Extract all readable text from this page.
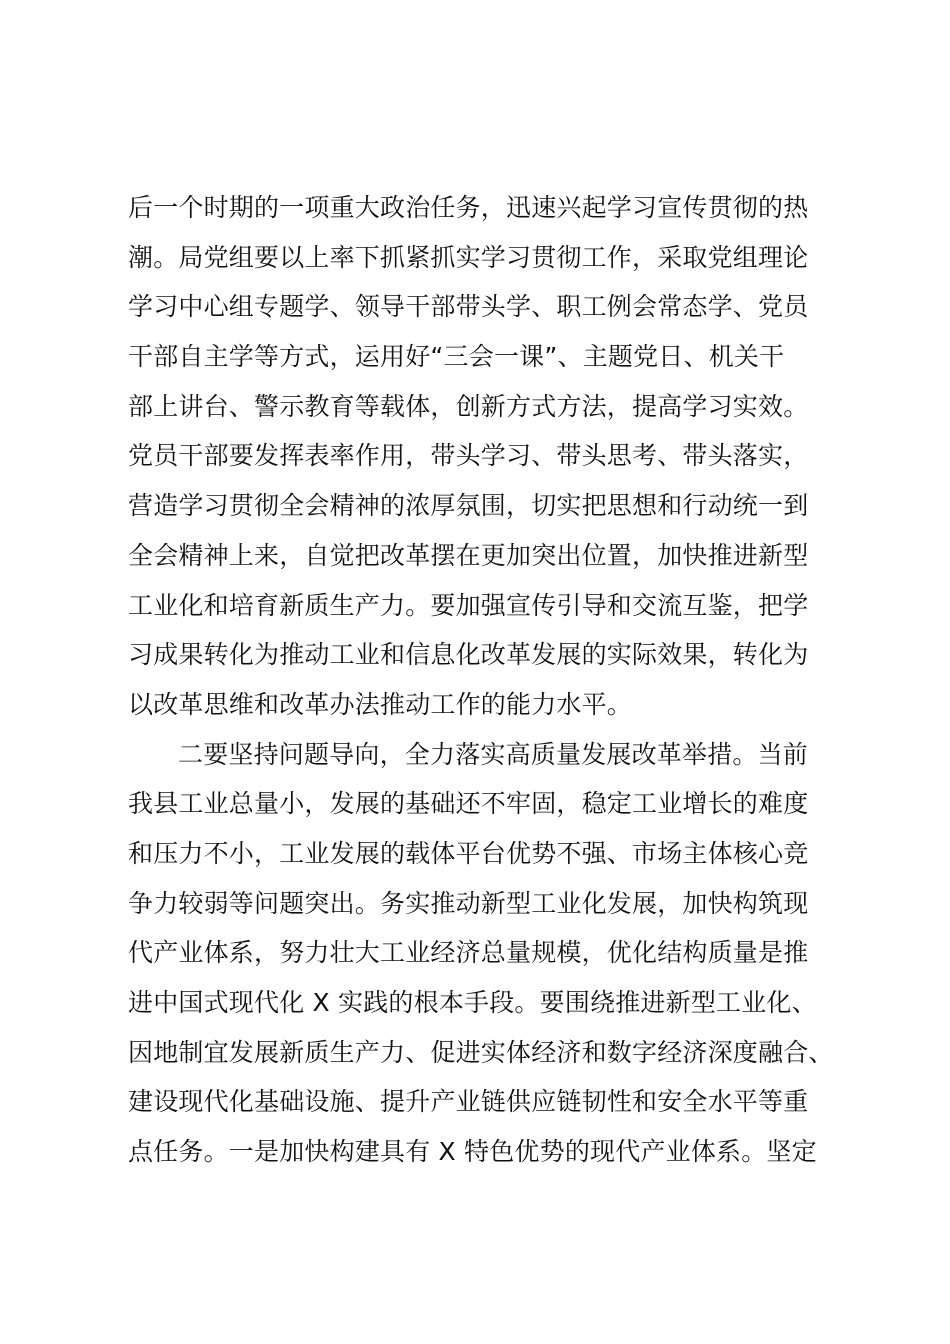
后一个时期的一项重大政治任务，迅速兴起学习宣传贯彻的热
潮。局党组要以上率下抓紧抓实学习贯彻工作，采取党组理论
学习中心组专题学、领导干部带头学、职工例会常态学、党员
干部自主学等方式，运用好“三会一课”、主题党日、机关干
部上讲台、警示教育等载体，创新方式方法，提高学习实效。
党员干部要发挥表率作用，带头学习、带头思考、带头落实，
营造学习贯彻全会精神的浓厚氛围，切实把思想和行动统一到
全会精神上来，自觉把改革摆在更加突出位置，加快推进新型
工业化和培育新质生产力。要加强宣传引导和交流互鉴，把学
习成果转化为推动工业和信息化改革发展的实际效果，转化为
以改革思维和改革办法推动工作的能力水平。
二要坚持问题导向，全力落实高质量发展改革举措。当前
我县工业总量小，发展的基础还不牢固，稳定工业增长的难度
和压力不小，工业发展的载体平台优势不强、市场主体核心竞
争力较弱等问题突出。务实推动新型工业化发展，加快构筑现
代产业体系，努力壮大工业经济总量规模，优化结构质量是推
进中国式现代化 X 实践的根本手段。要围绕推进新型工业化、
因地制宜发展新质生产力、促进实体经济和数字经济深度融合、
建设现代化基础设施、提升产业链供应链韧性和安全水平等重
点任务。一是加快构建具有 X 特色优势的现代产业体系。坚定
